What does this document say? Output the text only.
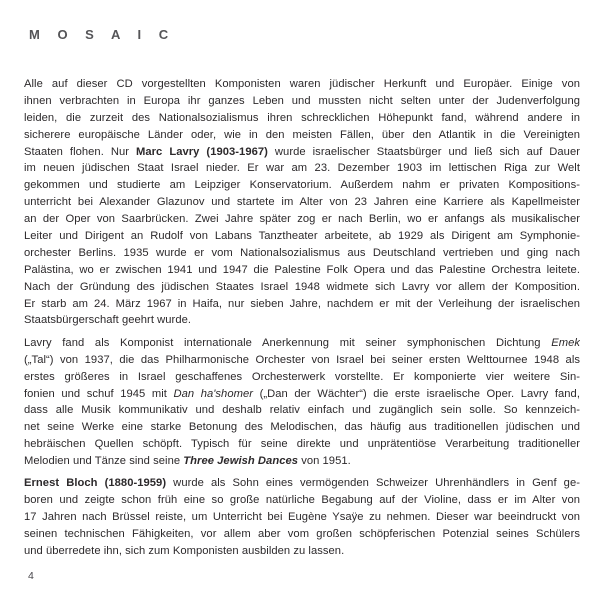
M O S A I C
Alle auf dieser CD vorgestellten Komponisten waren jüdischer Herkunft und Europäer. Einige von
ihnen verbrachten in Europa ihr ganzes Leben und mussten nicht selten unter der Judenverfolgung
leiden, die zurzeit des Nationalsozialismus ihren schrecklichen Höhepunkt fand, während andere in
sicherere europäische Länder oder, wie in den meisten Fällen, über den Atlantik in die Vereinigten
Staaten flohen. Nur Marc Lavry (1903-1967) wurde israelischer Staatsbürger und ließ sich auf Dauer
im neuen jüdischen Staat Israel nieder. Er war am 23. Dezember 1903 im lettischen Riga zur Welt
gekommen und studierte am Leipziger Konservatorium. Außerdem nahm er privaten Kompositions-
unterricht bei Alexander Glazunov und startete im Alter von 23 Jahren eine Karriere als Kapellmeister
an der Oper von Saarbrücken. Zwei Jahre später zog er nach Berlin, wo er anfangs als musikalischer
Leiter und Dirigent an Rudolf von Labans Tanztheater arbeitete, ab 1929 als Dirigent am Symphonie-
orchester Berlins. 1935 wurde er vom Nationalsozialismus aus Deutschland vertrieben und ging nach
Palästina, wo er zwischen 1941 und 1947 die Palestine Folk Opera und das Palestine Orchestra leitete.
Nach der Gründung des jüdischen Staates Israel 1948 widmete sich Lavry vor allem der Komposition.
Er starb am 24. März 1967 in Haifa, nur sieben Jahre, nachdem er mit der Verleihung der israelischen
Staatsbürgerschaft geehrt wurde.
Lavry fand als Komponist internationale Anerkennung mit seiner symphonischen Dichtung Emek
(„Tal“) von 1937, die das Philharmonische Orchester von Israel bei seiner ersten Welttournee 1948 als
erstes größeres in Israel geschaffenes Orchesterwerk vorstellte. Er komponierte vier weitere Sin-
fonien und schuf 1945 mit Dan ha'shomer („Dan der Wächter“) die erste israelische Oper. Lavry fand,
dass alle Musik kommunikativ und deshalb relativ einfach und zugänglich sein solle. So kennzeich-
net seine Werke eine starke Betonung des Melodischen, das häufig aus traditionellen jüdischen und
hebräischen Quellen schöpft. Typisch für seine direkte und unprätentiöse Verarbeitung traditioneller
Melodien und Tänze sind seine Three Jewish Dances von 1951.
Ernest Bloch (1880-1959) wurde als Sohn eines vermögenden Schweizer Uhrenhändlers in Genf ge-
boren und zeigte schon früh eine so große natürliche Begabung auf der Violine, dass er im Alter von
17 Jahren nach Brüssel reiste, um Unterricht bei Eugène Ysaÿe zu nehmen. Dieser war beeindruckt von
seinen technischen Fähigkeiten, vor allem aber vom großen schöpferischen Potenzial seines Schülers
und überredete ihn, sich zum Komponisten ausbilden zu lassen.
4
